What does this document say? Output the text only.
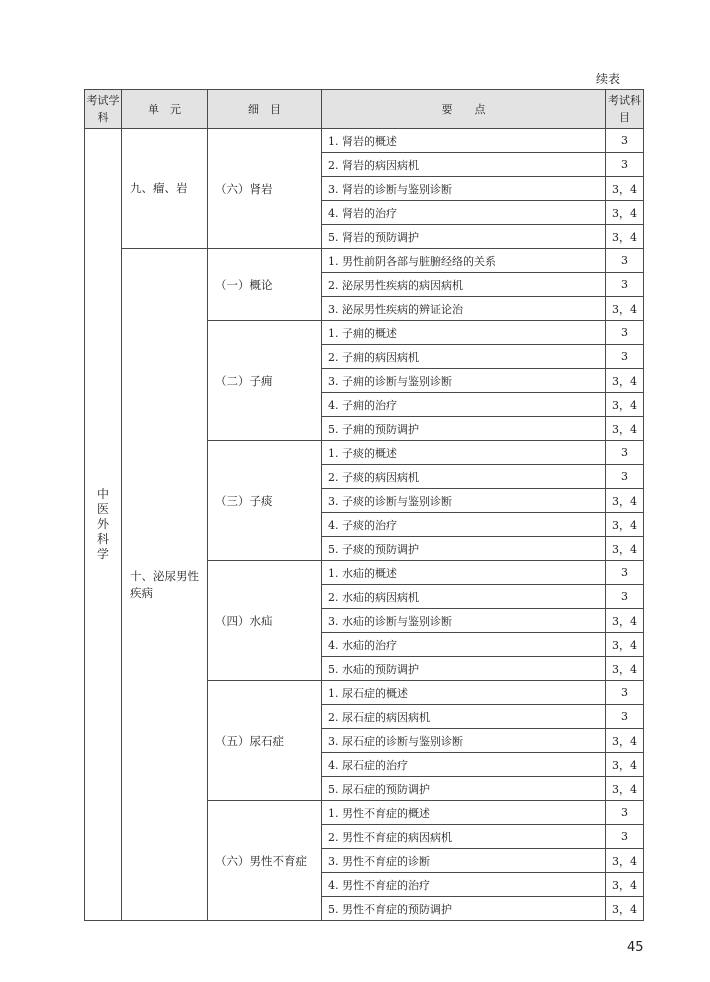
续表
考试学科	单　元	细　目	要　　点	考试科目
中医外科学	九、瘤、岩	（六）肾岩	1. 肾岩的概述	3
			2. 肾岩的病因病机	3
			3. 肾岩的诊断与鉴别诊断	3，4
			4. 肾岩的治疗	3，4
			5. 肾岩的预防调护	3，4
	十、泌尿男性疾病	（一）概论	1. 男性前阴各部与脏腑经络的关系	3
			2. 泌尿男性疾病的病因病机	3
			3. 泌尿男性疾病的辨证论治	3，4
		（二）子痈	1. 子痈的概述	3
			2. 子痈的病因病机	3
			3. 子痈的诊断与鉴别诊断	3，4
			4. 子痈的治疗	3，4
			5. 子痈的预防调护	3，4
		（三）子痰	1. 子痰的概述	3
			2. 子痰的病因病机	3
			3. 子痰的诊断与鉴别诊断	3，4
			4. 子痰的治疗	3，4
			5. 子痰的预防调护	3，4
		（四）水疝	1. 水疝的概述	3
			2. 水疝的病因病机	3
			3. 水疝的诊断与鉴别诊断	3，4
			4. 水疝的治疗	3，4
			5. 水疝的预防调护	3，4
		（五）尿石症	1. 尿石症的概述	3
			2. 尿石症的病因病机	3
			3. 尿石症的诊断与鉴别诊断	3，4
			4. 尿石症的治疗	3，4
			5. 尿石症的预防调护	3，4
		（六）男性不育症	1. 男性不育症的概述	3
			2. 男性不育症的病因病机	3
			3. 男性不育症的诊断	3，4
			4. 男性不育症的治疗	3，4
			5. 男性不育症的预防调护	3，4
45
